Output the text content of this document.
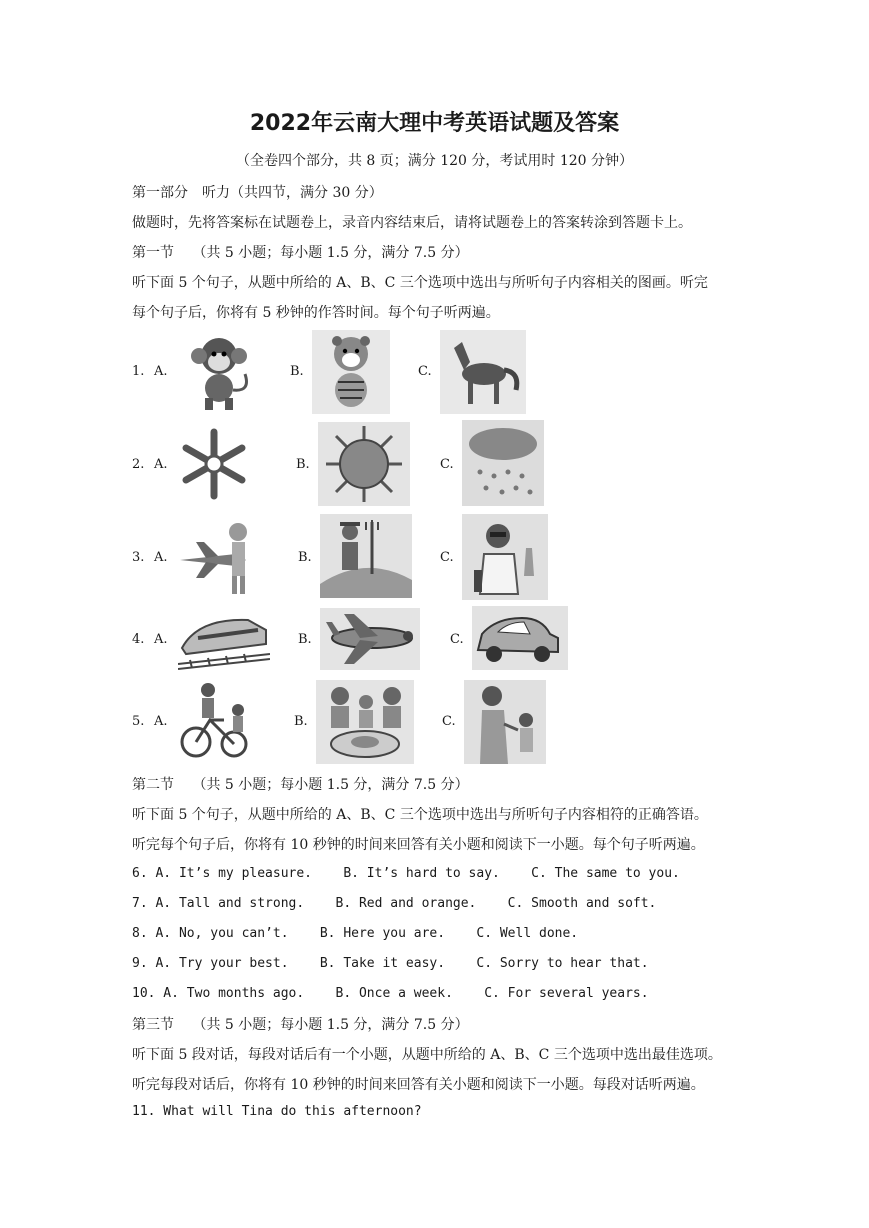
2022年云南大理中考英语试题及答案
（全卷四个部分，共 8 页；满分 120 分，考试用时 120 分钟）
第一部分　听力（共四节，满分 30 分）
做题时，先将答案标在试题卷上，录音内容结束后，请将试题卷上的答案转涂到答题卡上。
第一节　 （共 5 小题；每小题 1.5 分，满分 7.5 分）
听下面 5 个句子，从题中所给的 A、B、C 三个选项中选出与所听句子内容相关的图画。听完
每个句子后，你将有 5 秒钟的作答时间。每个句子听两遍。
1. A.	B.	C.
2. A.	B.	C.
3. A.	B.	C.
4. A.	B.	C.
5. A.	B.	C.
第二节　 （共 5 小题；每小题 1.5 分，满分 7.5 分）
听下面 5 个句子，从题中所给的 A、B、C 三个选项中选出与所听句子内容相符的正确答语。
听完每个句子后，你将有 10 秒钟的时间来回答有关小题和阅读下一小题。每个句子听两遍。
6. A. It’s my pleasure.    B. It’s hard to say.    C. The same to you.
7. A. Tall and strong.    B. Red and orange.    C. Smooth and soft.
8. A. No, you can’t.    B. Here you are.    C. Well done.
9. A. Try your best.    B. Take it easy.    C. Sorry to hear that.
10. A. Two months ago.    B. Once a week.    C. For several years.
第三节　 （共 5 小题；每小题 1.5 分，满分 7.5 分）
听下面 5 段对话，每段对话后有一个小题，从题中所给的 A、B、C 三个选项中选出最佳选项。
听完每段对话后，你将有 10 秒钟的时间来回答有关小题和阅读下一小题。每段对话听两遍。
11. What will Tina do this afternoon?
